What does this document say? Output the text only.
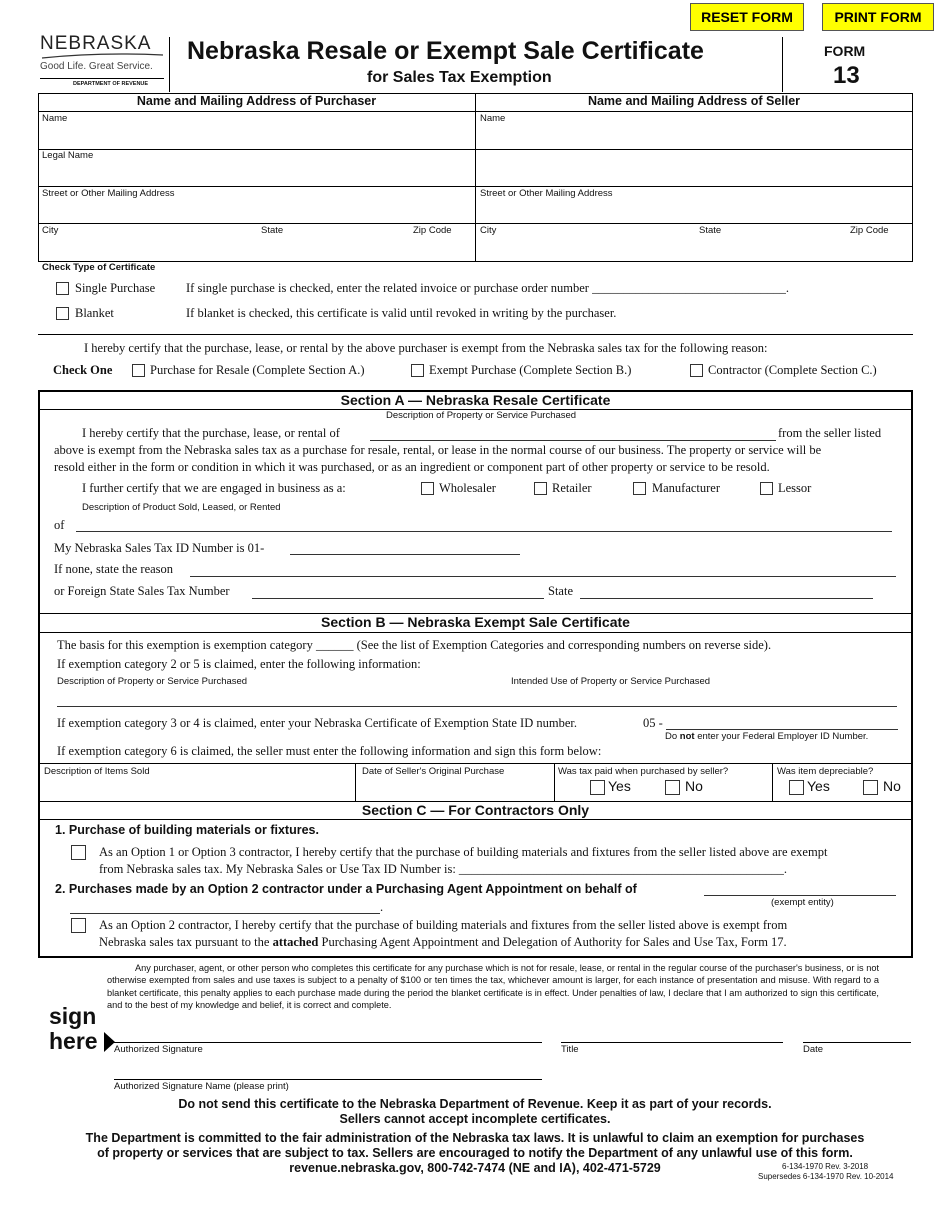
RESET FORM	PRINT FORM
NEBRASKA
Good Life. Great Service.
DEPARTMENT OF REVENUE
Nebraska Resale or Exempt Sale Certificate
for Sales Tax Exemption
FORM
13
Name and Mailing Address of Purchaser	Name and Mailing Address of Seller
Name
Legal Name
Street or Other Mailing Address
City	State	Zip Code
Name
Street or Other Mailing Address
City	State	Zip Code
Check Type of Certificate
Single Purchase If single purchase is checked, enter the related invoice or purchase order number _______________________________.
Blanket	If blanket is checked, this certificate is valid until revoked in writing by the purchaser.
I hereby certify that the purchase, lease, or rental by the above purchaser is exempt from the Nebraska sales tax for the following reason:
Check One	Purchase for Resale (Complete Section A.)	Exempt Purchase (Complete Section B.)	Contractor (Complete Section C.)
Section A — Nebraska Resale Certificate
Description of Property or Service Purchased
I hereby certify that the purchase, lease, or rental of	from the seller listed
above is exempt from the Nebraska sales tax as a purchase for resale, rental, or lease in the normal course of our business. The property or service will be
resold either in the form or condition in which it was purchased, or as an ingredient or component part of other property or service to be resold.
I further certify that we are engaged in business as a:	Wholesaler	Retailer	Manufacturer	Lessor
Description of Product Sold, Leased, or Rented
of
My Nebraska Sales Tax ID Number is 01-
If none, state the reason
or Foreign State Sales Tax Number	State
Section B — Nebraska Exempt Sale Certificate
The basis for this exemption is exemption category ______ (See the list of Exemption Categories and corresponding numbers on reverse side).
If exemption category 2 or 5 is claimed, enter the following information:
Description of Property or Service Purchased	Intended Use of Property or Service Purchased
If exemption category 3 or 4 is claimed, enter your Nebraska Certificate of Exemption State ID number.	05 -
Do not enter your Federal Employer ID Number.
If exemption category 6 is claimed, the seller must enter the following information and sign this form below:
Description of Items Sold	Date of Seller's Original Purchase	Was tax paid when purchased by seller?	Was item depreciable?
Yes	No	Yes	No
Section C — For Contractors Only
1. Purchase of building materials or fixtures.
As an Option 1 or Option 3 contractor, I hereby certify that the purchase of building materials and fixtures from the seller listed above are exempt
from Nebraska sales tax. My Nebraska Sales or Use Tax ID Number is: ____________________________________________________.
2. Purchases made by an Option 2 contractor under a Purchasing Agent Appointment on behalf of
(exempt entity)
.
As an Option 2 contractor, I hereby certify that the purchase of building materials and fixtures from the seller listed above is exempt from
Nebraska sales tax pursuant to the attached Purchasing Agent Appointment and Delegation of Authority for Sales and Use Tax, Form 17.
Any purchaser, agent, or other person who completes this certificate for any purchase which is not for resale, lease, or rental in the regular course of the purchaser's business, or is not otherwise exempted from sales and use taxes is subject to a penalty of $100 or ten times the tax, whichever amount is larger, for each instance of presentation and misuse. With regard to a blanket certificate, this penalty applies to each purchase made during the period the blanket certificate is in effect. Under penalties of law, I declare that I am authorized to sign this certificate, and to the best of my knowledge and belief, it is correct and complete.
sign
here Authorized Signature	Title	Date
Authorized Signature Name (please print)
Do not send this certificate to the Nebraska Department of Revenue. Keep it as part of your records.
Sellers cannot accept incomplete certificates.
The Department is committed to the fair administration of the Nebraska tax laws. It is unlawful to claim an exemption for purchases
of property or services that are subject to tax. Sellers are encouraged to notify the Department of any unlawful use of this form.
revenue.nebraska.gov, 800-742-7474 (NE and IA), 402-471-5729	6-134-1970 Rev. 3-2018
Supersedes 6-134-1970 Rev. 10-2014
